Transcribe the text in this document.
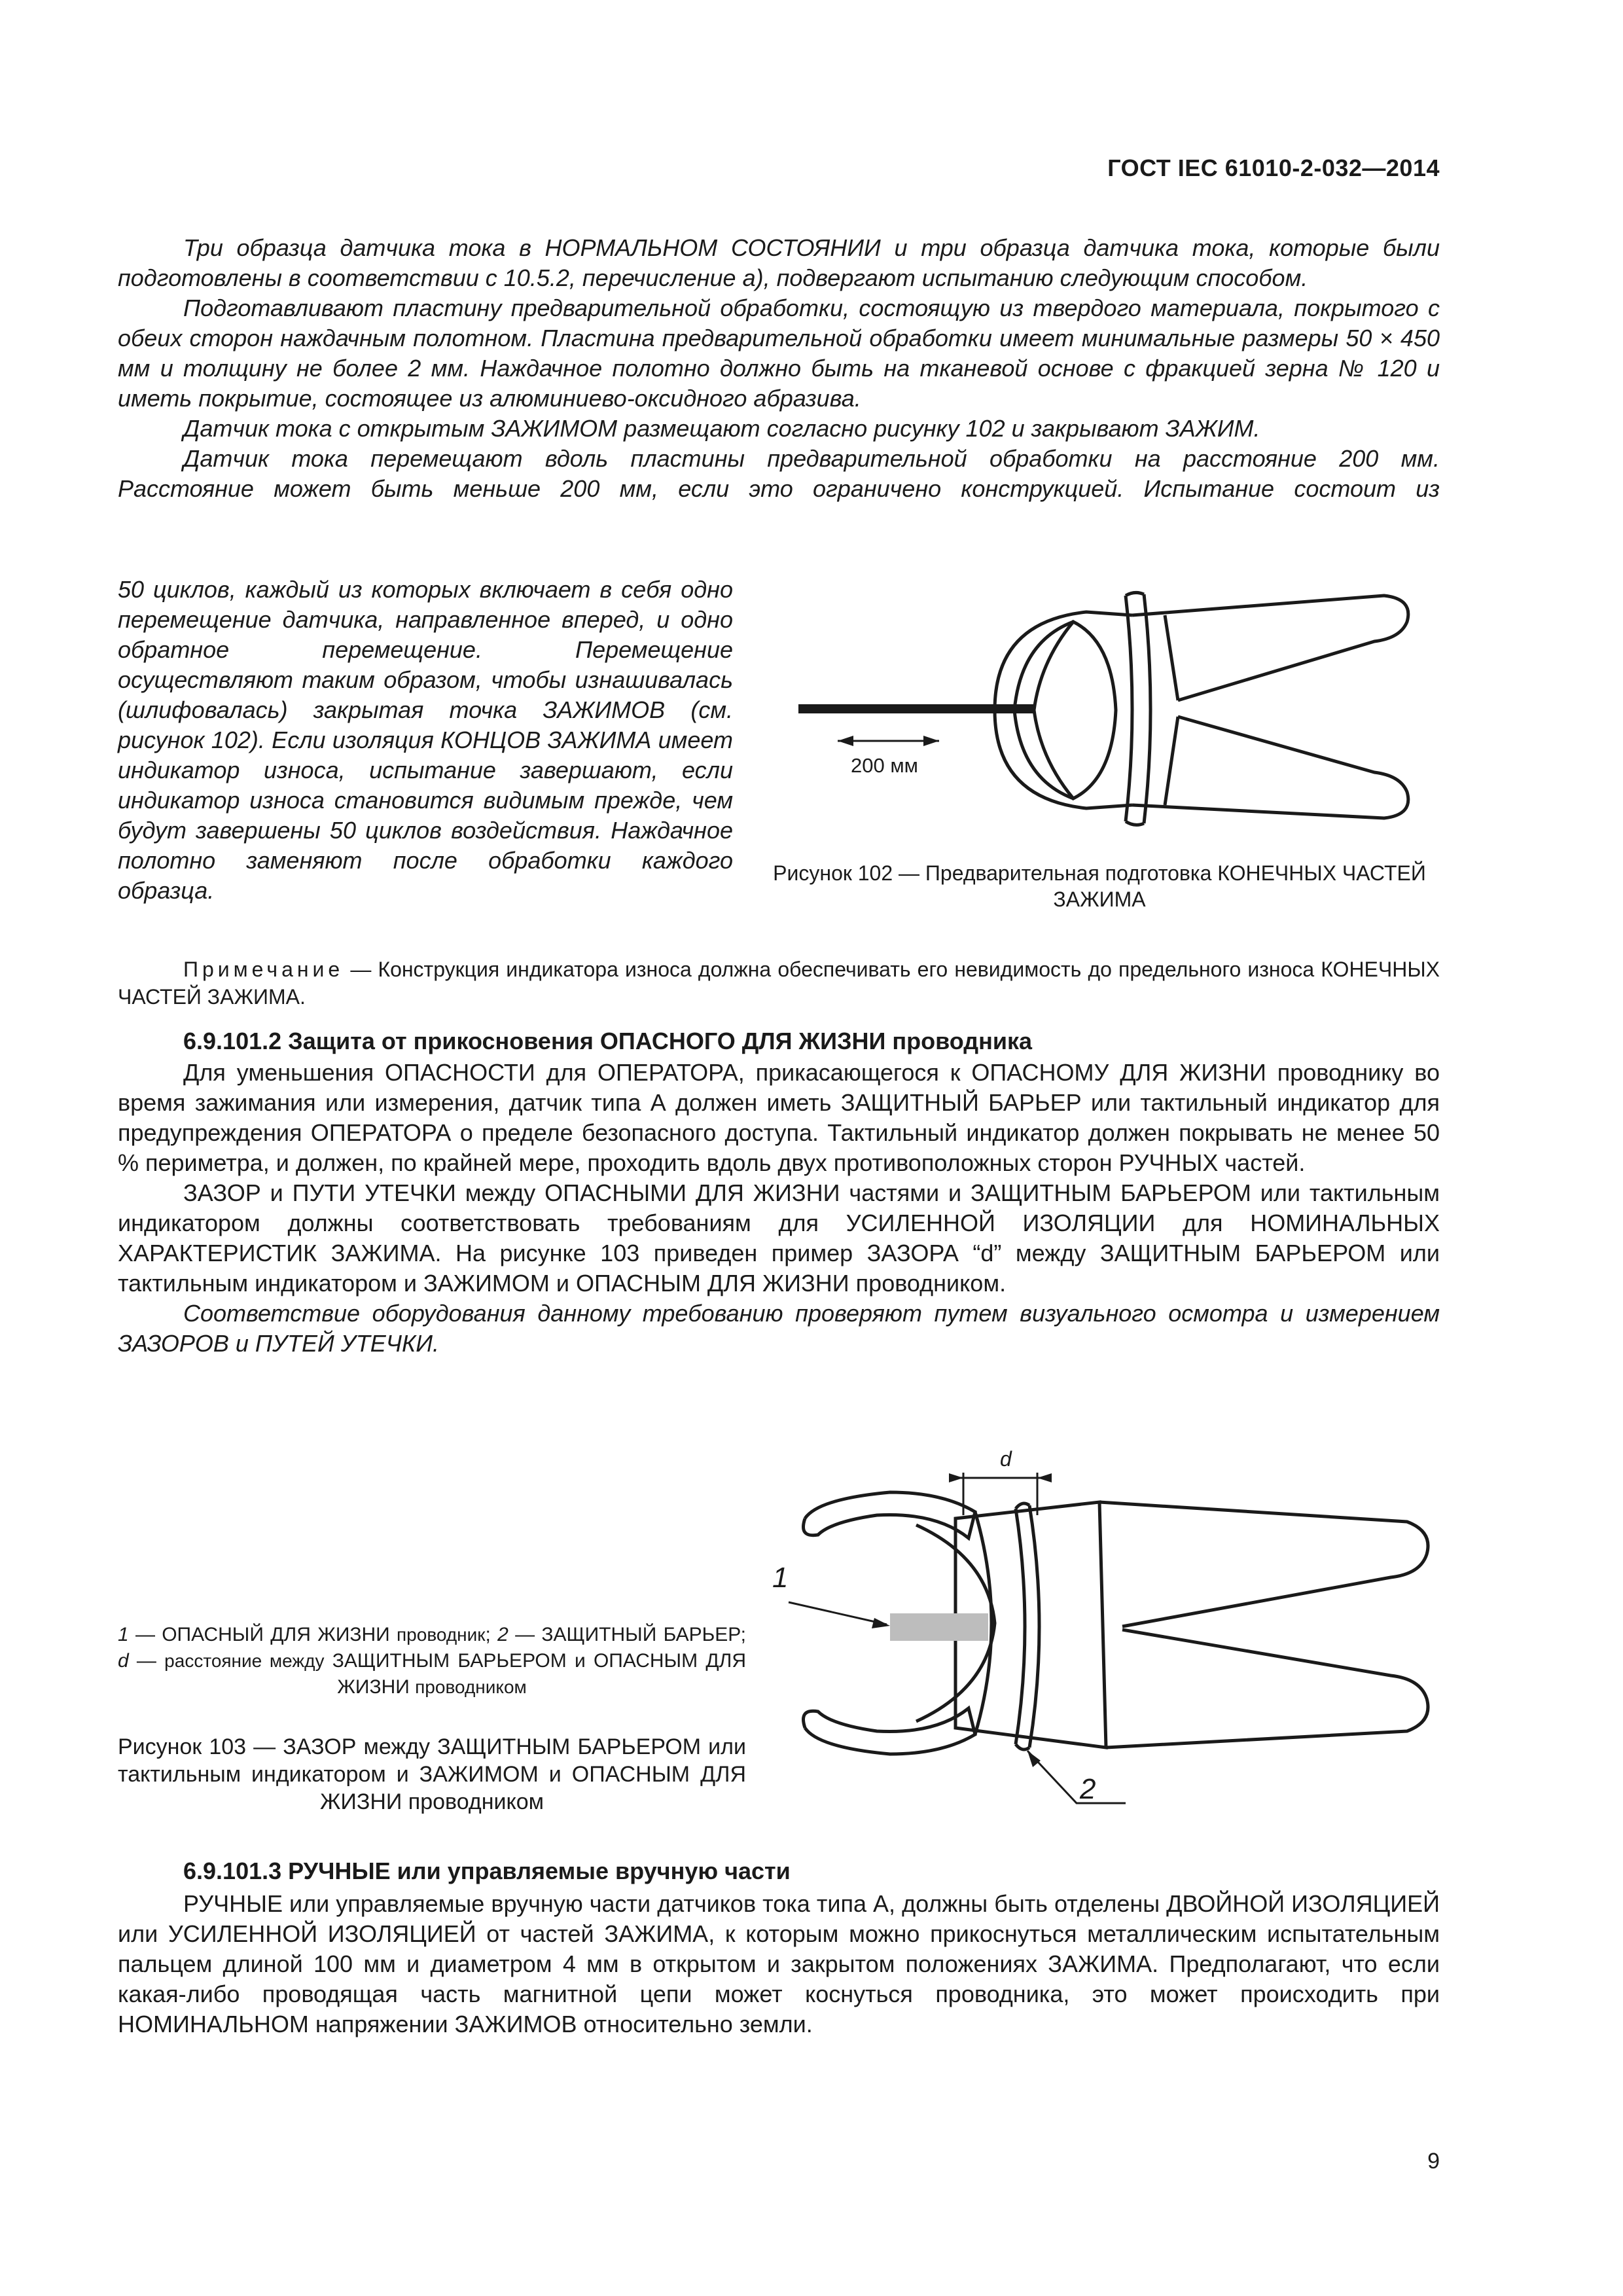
ГОСТ IEC 61010-2-032—2014

Три образца датчика тока в НОРМАЛЬНОМ СОСТОЯНИИ и три образца датчика тока, которые были подготовлены в соответствии с 10.5.2, перечисление а), подвергают испытанию следующим способом.

Подготавливают пластину предварительной обработки, состоящую из твердого материала, покрытого с обеих сторон наждачным полотном. Пластина предварительной обработки имеет минимальные размеры 50 × 450 мм и толщину не более 2 мм. Наждачное полотно должно быть на тканевой основе с фракцией зерна № 120 и иметь покрытие, состоящее из алюминиево-оксидного абразива.

Датчик тока с открытым ЗАЖИМОМ размещают согласно рисунку 102 и закрывают ЗАЖИМ.

Датчик тока перемещают вдоль пластины предварительной обработки на расстояние 200 мм.

Расстояние может быть меньше 200 мм, если это ограничено конструкцией. Испытание состоит из

50 циклов, каждый из которых включает в себя одно перемещение датчика, направленное вперед, и одно обратное перемещение. Перемещение осуществляют таким образом, чтобы изнашивалась (шлифовалась) закрытая точка ЗАЖИМОВ (см. рисунок 102). Если изоляция КОНЦОВ ЗАЖИМА имеет индикатор износа, испытание завершают, если индикатор износа становится видимым прежде, чем будут завершены 50 циклов воздействия. Наждачное полотно заменяют после обработки каждого образца.

200 мм
Рисунок 102 — Предварительная подготовка КОНЕЧНЫХ ЧАСТЕЙ ЗАЖИМА

Примечание — Конструкция индикатора износа должна обеспечивать его невидимость до предельного износа КОНЕЧНЫХ ЧАСТЕЙ ЗАЖИМА.

6.9.101.2 Защита от прикосновения ОПАСНОГО ДЛЯ ЖИЗНИ проводника

Для уменьшения ОПАСНОСТИ для ОПЕРАТОРА, прикасающегося к ОПАСНОМУ ДЛЯ ЖИЗНИ проводнику во время зажимания или измерения, датчик типа А должен иметь ЗАЩИТНЫЙ БАРЬЕР или тактильный индикатор для предупреждения ОПЕРАТОРА о пределе безопасного доступа. Тактильный индикатор должен покрывать не менее 50 % периметра, и должен, по крайней мере, проходить вдоль двух противоположных сторон РУЧНЫХ частей.

ЗАЗОР и ПУТИ УТЕЧКИ между ОПАСНЫМИ ДЛЯ ЖИЗНИ частями и ЗАЩИТНЫМ БАРЬЕРОМ или тактильным индикатором должны соответствовать требованиям для УСИЛЕННОЙ ИЗОЛЯЦИИ для НОМИНАЛЬНЫХ ХАРАКТЕРИСТИК ЗАЖИМА. На рисунке 103 приведен пример ЗАЗОРА “d” между ЗАЩИТНЫМ БАРЬЕРОМ или тактильным индикатором и ЗАЖИМОМ и ОПАСНЫМ ДЛЯ ЖИЗНИ проводником.

Соответствие оборудования данному требованию проверяют путем визуального осмотра и измерением ЗАЗОРОВ и ПУТЕЙ УТЕЧКИ.

d
1
2
1 — ОПАСНЫЙ ДЛЯ ЖИЗНИ проводник; 2 — ЗАЩИТНЫЙ БАРЬЕР; d — расстояние между ЗАЩИТНЫМ БАРЬЕРОМ и ОПАСНЫМ ДЛЯ ЖИЗНИ проводником
Рисунок 103 — ЗАЗОР между ЗАЩИТНЫМ БАРЬЕРОМ или тактильным индикатором и ЗАЖИМОМ и ОПАСНЫМ ДЛЯ ЖИЗНИ проводником
6.9.101.3 РУЧНЫЕ или управляемые вручную части

РУЧНЫЕ или управляемые вручную части датчиков тока типа А, должны быть отделены ДВОЙНОЙ ИЗОЛЯЦИЕЙ или УСИЛЕННОЙ ИЗОЛЯЦИЕЙ от частей ЗАЖИМА, к которым можно прикоснуться металлическим испытательным пальцем длиной 100 мм и диаметром 4 мм в открытом и закрытом положениях ЗАЖИМА. Предполагают, что если какая-либо проводящая часть магнитной цепи может коснуться проводника, это может происходить при НОМИНАЛЬНОМ напряжении ЗАЖИМОВ относительно земли.

9
